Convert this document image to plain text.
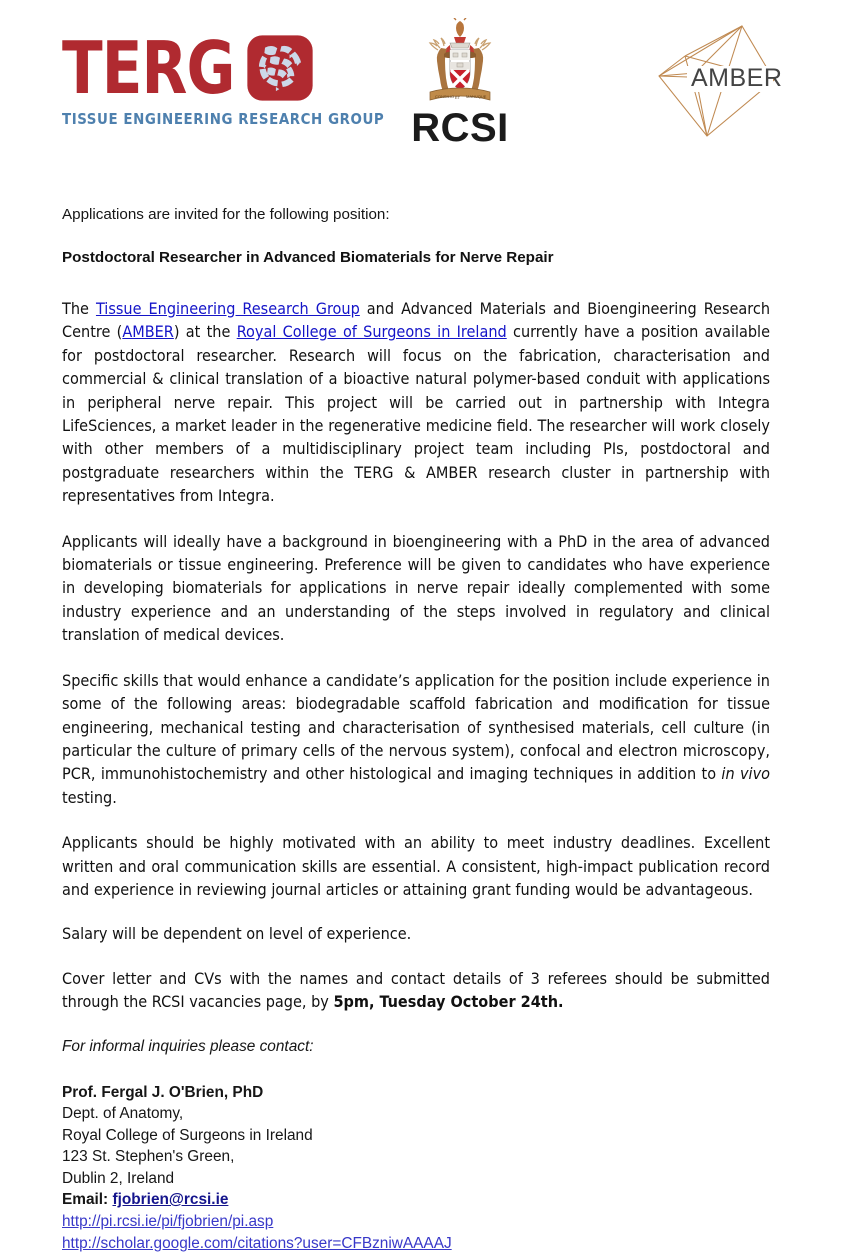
TERG
TISSUE ENGINEERING RESEARCH GROUP
CONSILIO ET MANUQUE
RCSI
AMBER

Applications are invited for the following position:

Postdoctoral Researcher in Advanced Biomaterials for Nerve Repair

The Tissue Engineering Research Group and Advanced Materials and Bioengineering Research Centre (AMBER) at the Royal College of Surgeons in Ireland currently have a position available for postdoctoral researcher. Research will focus on the fabrication, characterisation and commercial & clinical translation of a bioactive natural polymer-based conduit with applications in peripheral nerve repair. This project will be carried out in partnership with Integra LifeSciences, a market leader in the regenerative medicine field. The researcher will work closely with other members of a multidisciplinary project team including PIs, postdoctoral and postgraduate researchers within the TERG & AMBER research cluster in partnership with representatives from Integra.

Applicants will ideally have a background in bioengineering with a PhD in the area of advanced biomaterials or tissue engineering. Preference will be given to candidates who have experience in developing biomaterials for applications in nerve repair ideally complemented with some industry experience and an understanding of the steps involved in regulatory and clinical translation of medical devices.

Specific skills that would enhance a candidate’s application for the position include experience in some of the following areas: biodegradable scaffold fabrication and modification for tissue engineering, mechanical testing and characterisation of synthesised materials, cell culture (in particular the culture of primary cells of the nervous system), confocal and electron microscopy, PCR, immunohistochemistry and other histological and imaging techniques in addition to in vivo testing.

Applicants should be highly motivated with an ability to meet industry deadlines. Excellent written and oral communication skills are essential. A consistent, high-impact publication record and experience in reviewing journal articles or attaining grant funding would be advantageous.

Salary will be dependent on level of experience.

Cover letter and CVs with the names and contact details of 3 referees should be submitted through the RCSI vacancies page, by 5pm, Tuesday October 24th.

For informal inquiries please contact:

Prof. Fergal J. O'Brien, PhD
Dept. of Anatomy,
Royal College of Surgeons in Ireland
123 St. Stephen's Green,
Dublin 2, Ireland
Email: fjobrien@rcsi.ie
http://pi.rcsi.ie/pi/fjobrien/pi.asp
http://scholar.google.com/citations?user=CFBzniwAAAAJ
